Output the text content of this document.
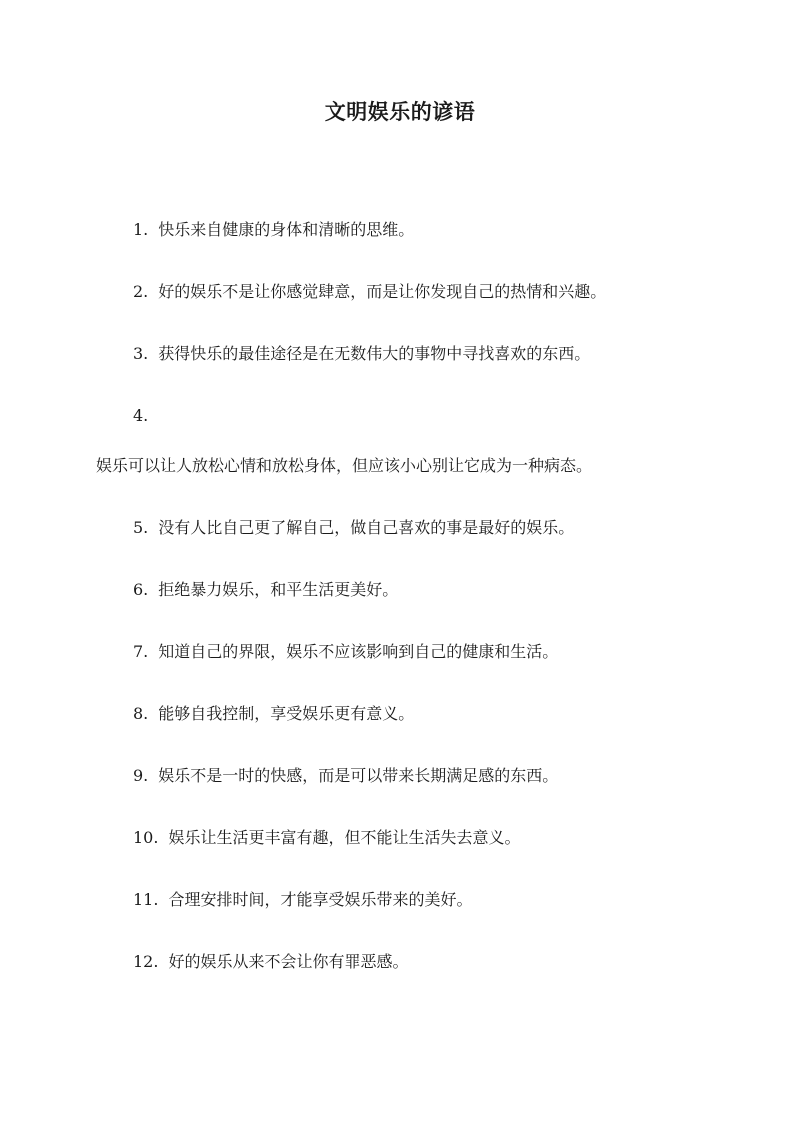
文明娱乐的谚语
1. 快乐来自健康的身体和清晰的思维。
2. 好的娱乐不是让你感觉肆意，而是让你发现自己的热情和兴趣。
3. 获得快乐的最佳途径是在无数伟大的事物中寻找喜欢的东西。
4.
娱乐可以让人放松心情和放松身体，但应该小心别让它成为一种病态。
5. 没有人比自己更了解自己，做自己喜欢的事是最好的娱乐。
6. 拒绝暴力娱乐，和平生活更美好。
7. 知道自己的界限，娱乐不应该影响到自己的健康和生活。
8. 能够自我控制，享受娱乐更有意义。
9. 娱乐不是一时的快感，而是可以带来长期满足感的东西。
10. 娱乐让生活更丰富有趣，但不能让生活失去意义。
11. 合理安排时间，才能享受娱乐带来的美好。
12. 好的娱乐从来不会让你有罪恶感。
